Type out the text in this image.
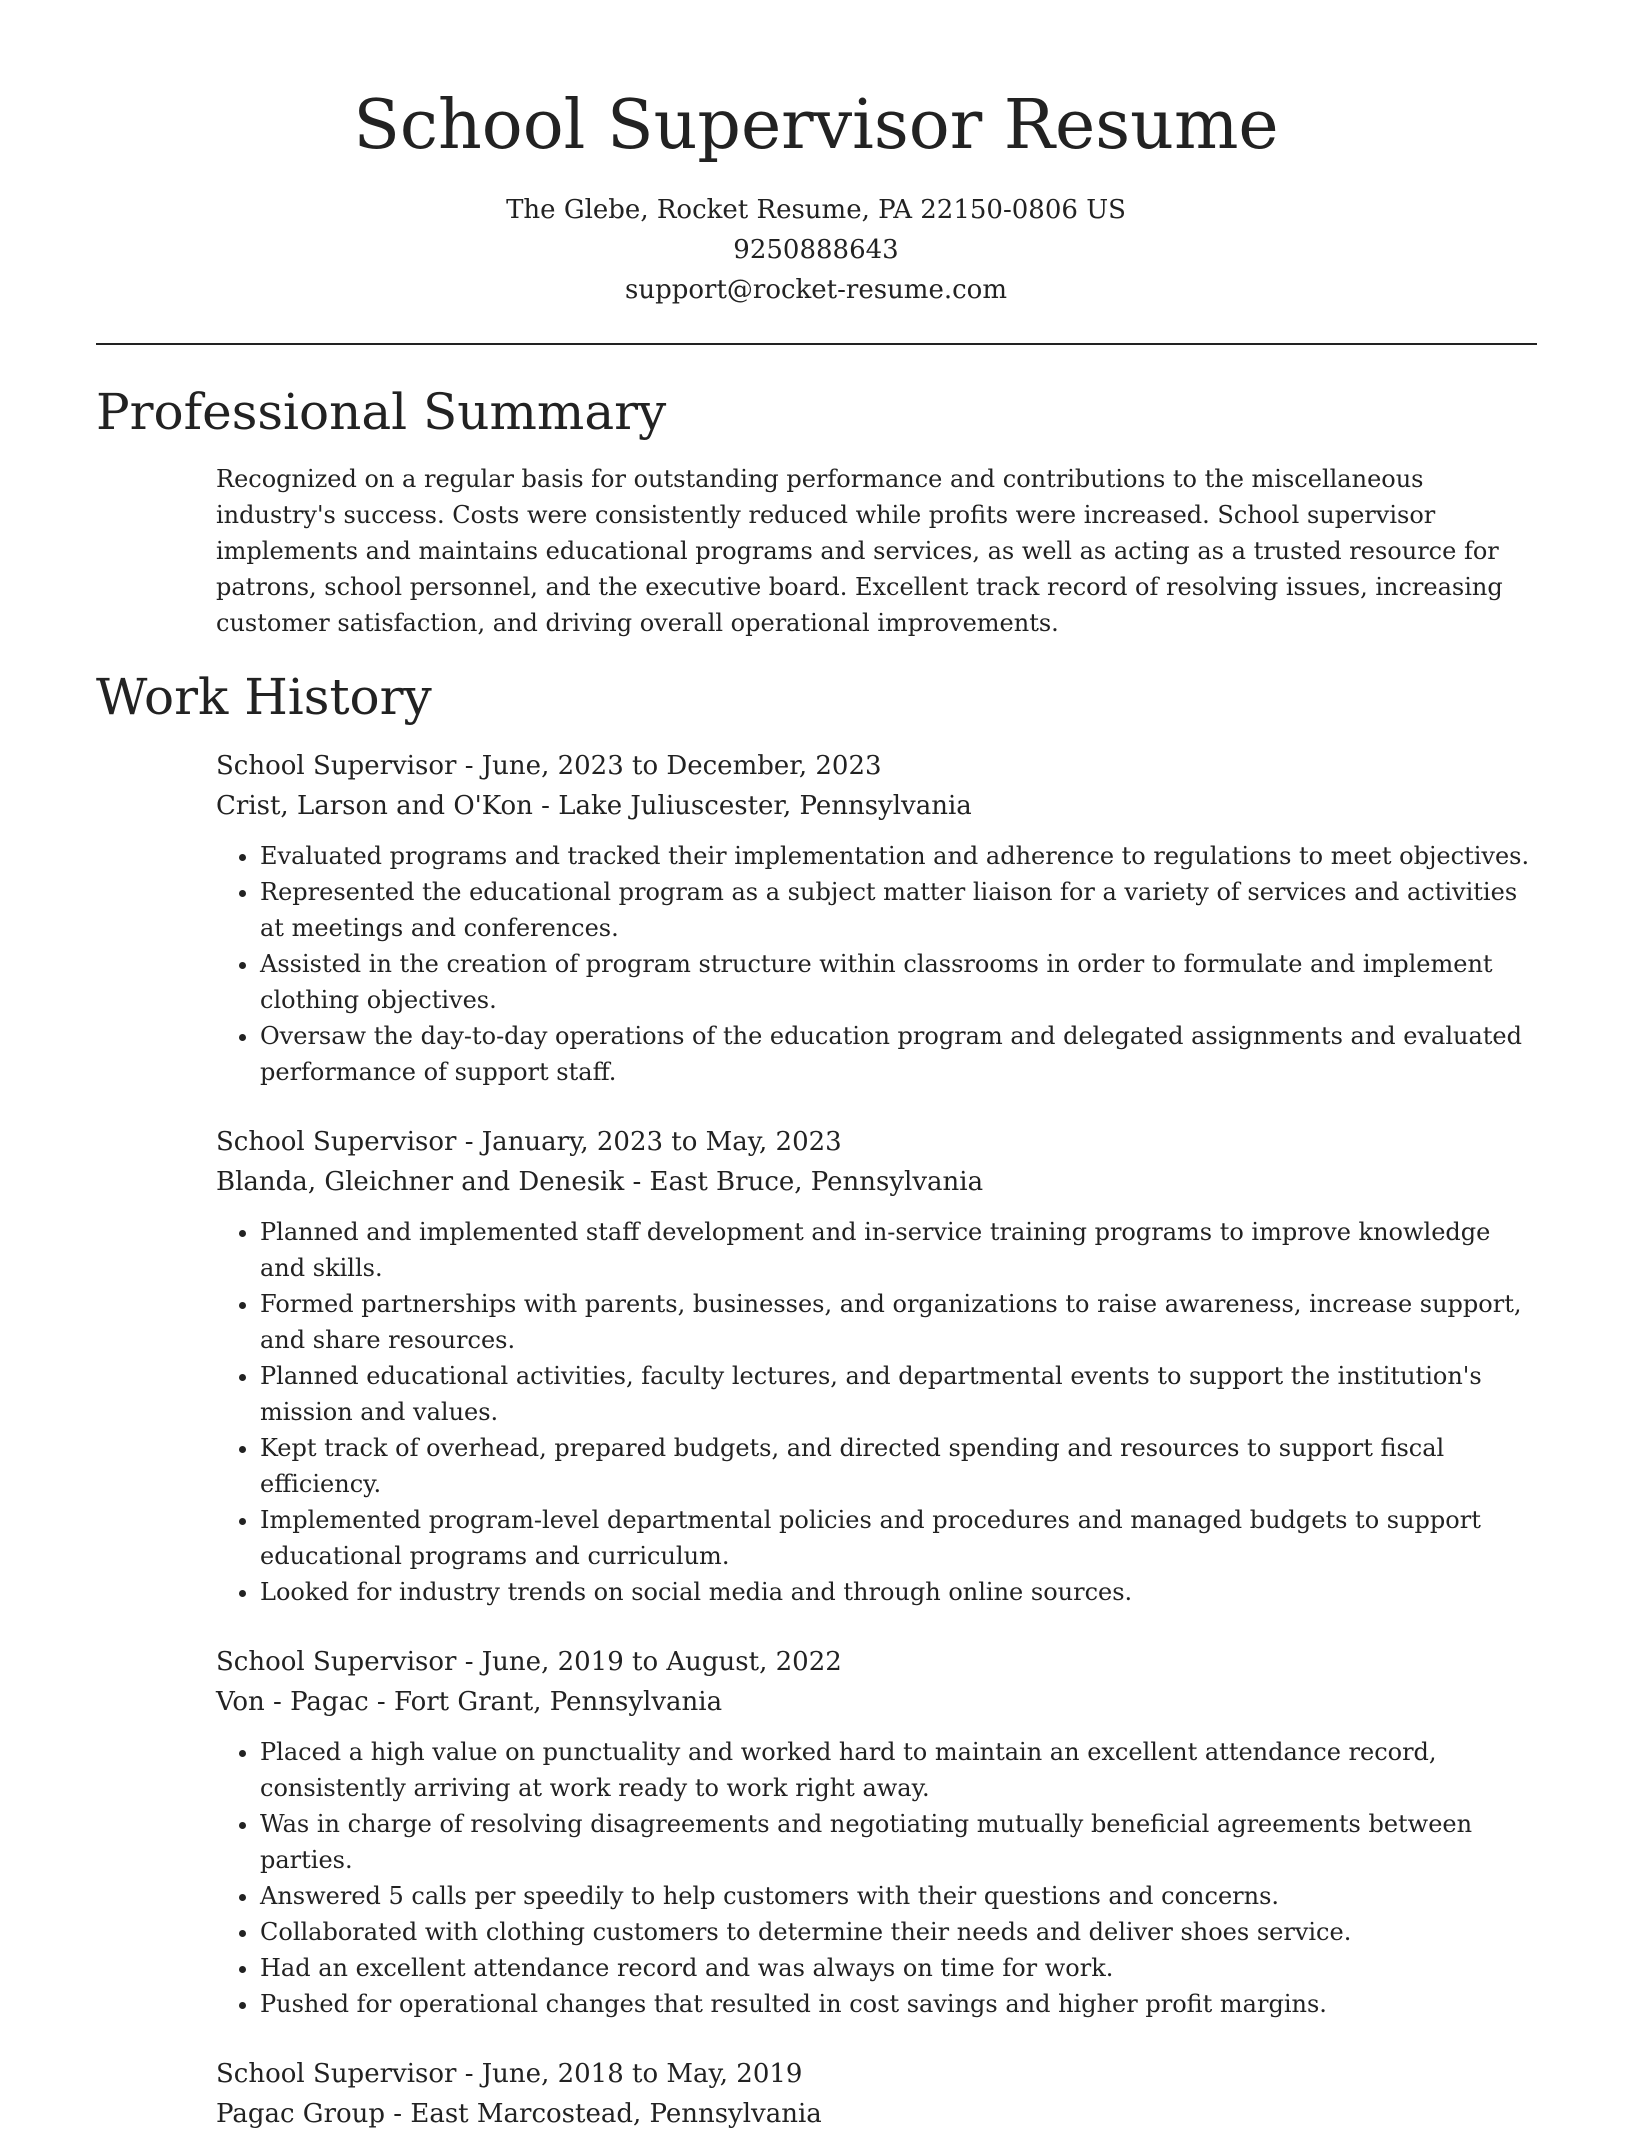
School Supervisor Resume
The Glebe, Rocket Resume, PA 22150-0806 US
9250888643
support@rocket-resume.com
Professional Summary

Recognized on a regular basis for outstanding performance and contributions to the miscellaneous industry's success. Costs were consistently reduced while profits were increased. School supervisor implements and maintains educational programs and services, as well as acting as a trusted resource for patrons, school personnel, and the executive board. Excellent track record of resolving issues, increasing customer satisfaction, and driving overall operational improvements.

Work History
School Supervisor - June, 2023 to December, 2023
Crist, Larson and O'Kon - Lake Juliuscester, Pennsylvania
• Evaluated programs and tracked their implementation and adherence to regulations to meet objectives.
• Represented the educational program as a subject matter liaison for a variety of services and activities at meetings and conferences.
• Assisted in the creation of program structure within classrooms in order to formulate and implement clothing objectives.
• Oversaw the day-to-day operations of the education program and delegated assignments and evaluated performance of support staff.
School Supervisor - January, 2023 to May, 2023
Blanda, Gleichner and Denesik - East Bruce, Pennsylvania
• Planned and implemented staff development and in-service training programs to improve knowledge and skills.
• Formed partnerships with parents, businesses, and organizations to raise awareness, increase support, and share resources.
• Planned educational activities, faculty lectures, and departmental events to support the institution's mission and values.
• Kept track of overhead, prepared budgets, and directed spending and resources to support fiscal efficiency.
• Implemented program-level departmental policies and procedures and managed budgets to support educational programs and curriculum.
• Looked for industry trends on social media and through online sources.
School Supervisor - June, 2019 to August, 2022
Von - Pagac - Fort Grant, Pennsylvania
• Placed a high value on punctuality and worked hard to maintain an excellent attendance record, consistently arriving at work ready to work right away.
• Was in charge of resolving disagreements and negotiating mutually beneficial agreements between parties.
• Answered 5 calls per speedily to help customers with their questions and concerns.
• Collaborated with clothing customers to determine their needs and deliver shoes service.
• Had an excellent attendance record and was always on time for work.
• Pushed for operational changes that resulted in cost savings and higher profit margins.
School Supervisor - June, 2018 to May, 2019
Pagac Group - East Marcostead, Pennsylvania
